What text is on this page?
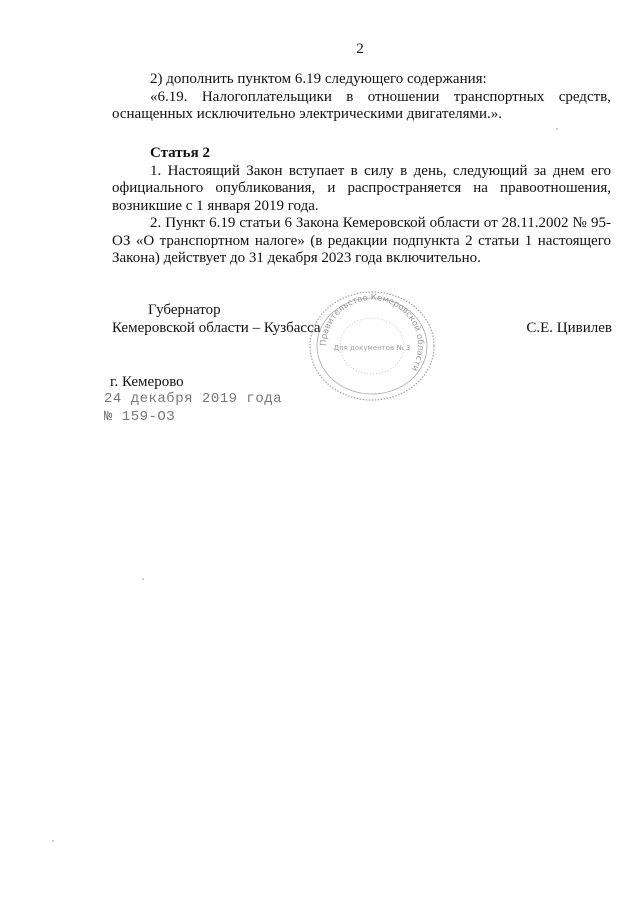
2

2) дополнить пунктом 6.19 следующего содержания:

«6.19. Налогоплательщики в отношении транспортных средств, оснащенных исключительно электрическими двигателями.».

Статья 2

1. Настоящий Закон вступает в силу в день, следующий за днем его официального опубликования, и распространяется на правоотношения, возникшие с 1 января 2019 года.

2. Пункт 6.19 статьи 6 Закона Кемеровской области от 28.11.2002 № 95-ОЗ «О транспортном налоге» (в редакции подпункта 2 статьи 1 настоящего Закона) действует до 31 декабря 2023 года включительно.

Губернатор
Кемеровской области – Кузбасса	С.Е. Цивилев
Правительство Кемеровской области
Для документов № 3
г. Кемерово
24 декабря 2019 года
№ 159-ОЗ
